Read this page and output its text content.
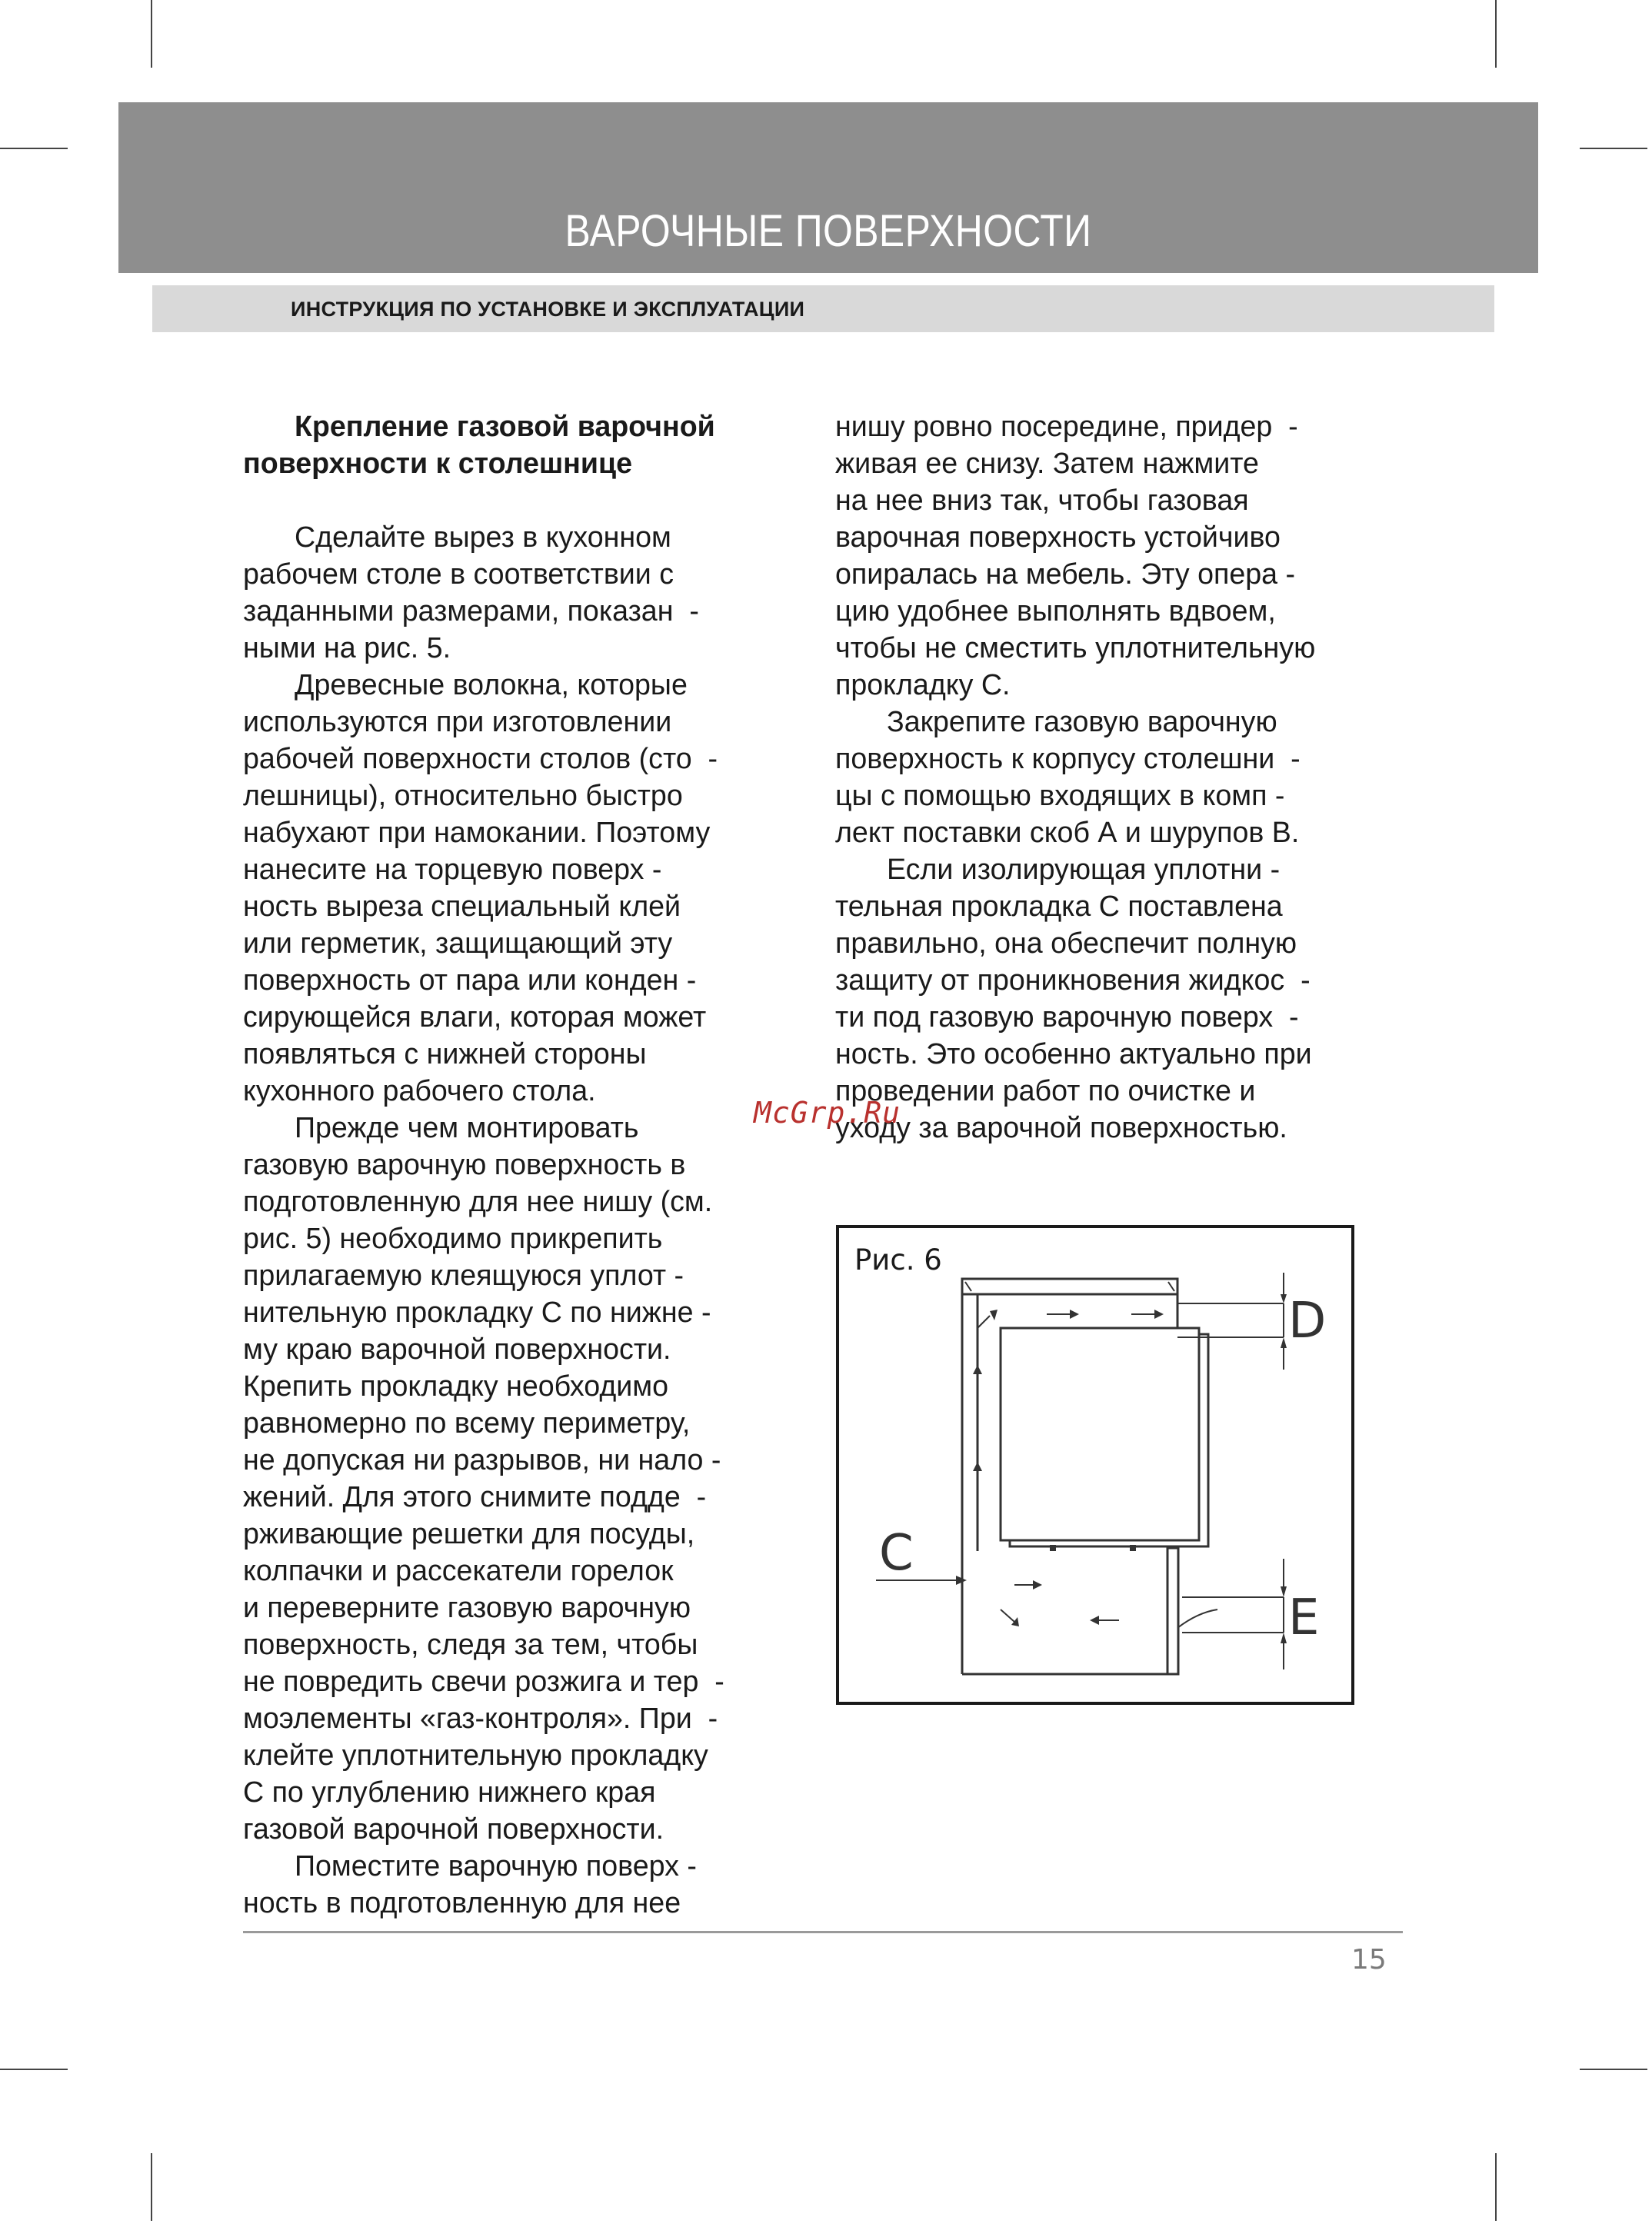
ВАРОЧНЫЕ ПОВЕРХНОСТИ
ИНСТРУКЦИЯ ПО УСТАНОВКЕ И ЭКСПЛУАТАЦИИ
Крепление газовой варочной
поверхности к столешнице
Сделайте вырез в кухонном
рабочем столе в соответствии с
заданными размерами, показан  -
ными на рис. 5.
Древесные волокна, которые
используются при изготовлении
рабочей поверхности столов (сто  -
лешницы), относительно быстро
набухают при намокании. Поэтому
нанесите на торцевую поверх -
ность выреза специальный клей
или герметик, защищающий эту
поверхность от пара или конден -
сирующейся влаги, которая может
появляться с нижней стороны
кухонного рабочего стола.
Прежде чем монтировать
газовую варочную поверхность в
подготовленную для нее нишу (см.
рис. 5) необходимо прикрепить
прилагаемую клеящуюся уплот -
нительную прокладку С по нижне -
му краю варочной поверхности.
Крепить прокладку необходимо
равномерно по всему периметру,
не допуская ни разрывов, ни нало -
жений. Для этого снимите подде  -
рживающие решетки для посуды,
колпачки и рассекатели горелок
и переверните газовую варочную
поверхность, следя за тем, чтобы
не повредить свечи розжига и тер  -
моэлементы «газ-контроля». При  -
клейте уплотнительную прокладку
С по углублению нижнего края
газовой варочной поверхности.
Поместите варочную поверх -
ность в подготовленную для нее
нишу ровно посередине, придер  -
живая ее снизу. Затем нажмите
на нее вниз так, чтобы газовая
варочная поверхность устойчиво
опиралась на мебель. Эту опера -
цию удобнее выполнять вдвоем,
чтобы не сместить уплотнительную
прокладку С.
Закрепите газовую варочную
поверхность к корпусу столешни  -
цы с помощью входящих в комп -
лект поставки скоб А и шурупов В.
Если изолирующая уплотни -
тельная прокладка С поставлена
правильно, она обеспечит полную
защиту от проникновения жидкос  -
ти под газовую варочную поверх  -
ность. Это особенно актуально при
проведении работ по очистке и
уходу за варочной поверхностью.
McGrp.Ru
Рис. 6
C
D
E
15
